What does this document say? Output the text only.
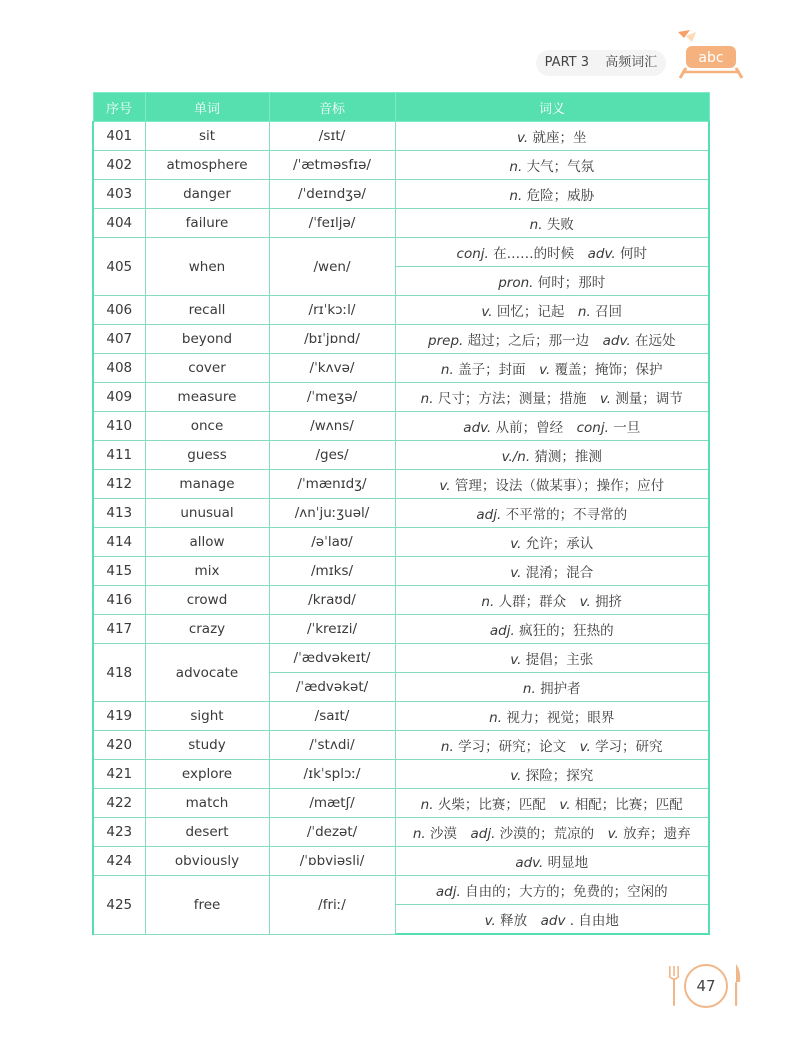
PART 3 高频词汇	abc
序号	单词	音标	词义
401	sit	/sɪt/	v. 就座；坐
402	atmosphere	/ˈætməsfɪə/	n. 大气；气氛
403	danger	/ˈdeɪndʒə/	n. 危险；威胁
404	failure	/ˈfeɪljə/	n. 失败
405	when	/wen/	conj. 在……的时候  adv. 何时
			pron. 何时；那时
406	recall	/rɪˈkɔːl/	v. 回忆；记起  n. 召回
407	beyond	/bɪˈjɒnd/	prep. 超过；之后；那一边  adv. 在远处
408	cover	/ˈkʌvə/	n. 盖子；封面  v. 覆盖；掩饰；保护
409	measure	/ˈmeʒə/	n. 尺寸；方法；测量；措施  v. 测量；调节
410	once	/wʌns/	adv. 从前；曾经  conj. 一旦
411	guess	/ges/	v./n. 猜测；推测
412	manage	/ˈmænɪdʒ/	v. 管理；设法（做某事）；操作；应付
413	unusual	/ʌnˈjuːʒuəl/	adj. 不平常的；不寻常的
414	allow	/əˈlaʊ/	v. 允许；承认
415	mix	/mɪks/	v. 混淆；混合
416	crowd	/kraʊd/	n. 人群；群众  v. 拥挤
417	crazy	/ˈkreɪzi/	adj. 疯狂的；狂热的
418	advocate	/ˈædvəkeɪt/	v. 提倡；主张
		/ˈædvəkət/	n. 拥护者
419	sight	/saɪt/	n. 视力；视觉；眼界
420	study	/ˈstʌdi/	n. 学习；研究；论文  v. 学习；研究
421	explore	/ɪkˈsplɔː/	v. 探险；探究
422	match	/mætʃ/	n. 火柴；比赛；匹配  v. 相配；比赛；匹配
423	desert	/ˈdezət/	n. 沙漠  adj. 沙漠的；荒凉的  v. 放弃；遗弃
424	obviously	/ˈɒbviəsli/	adv. 明显地
425	free	/friː/	adj. 自由的；大方的；免费的；空闲的
			v. 释放  adv . 自由地
47
